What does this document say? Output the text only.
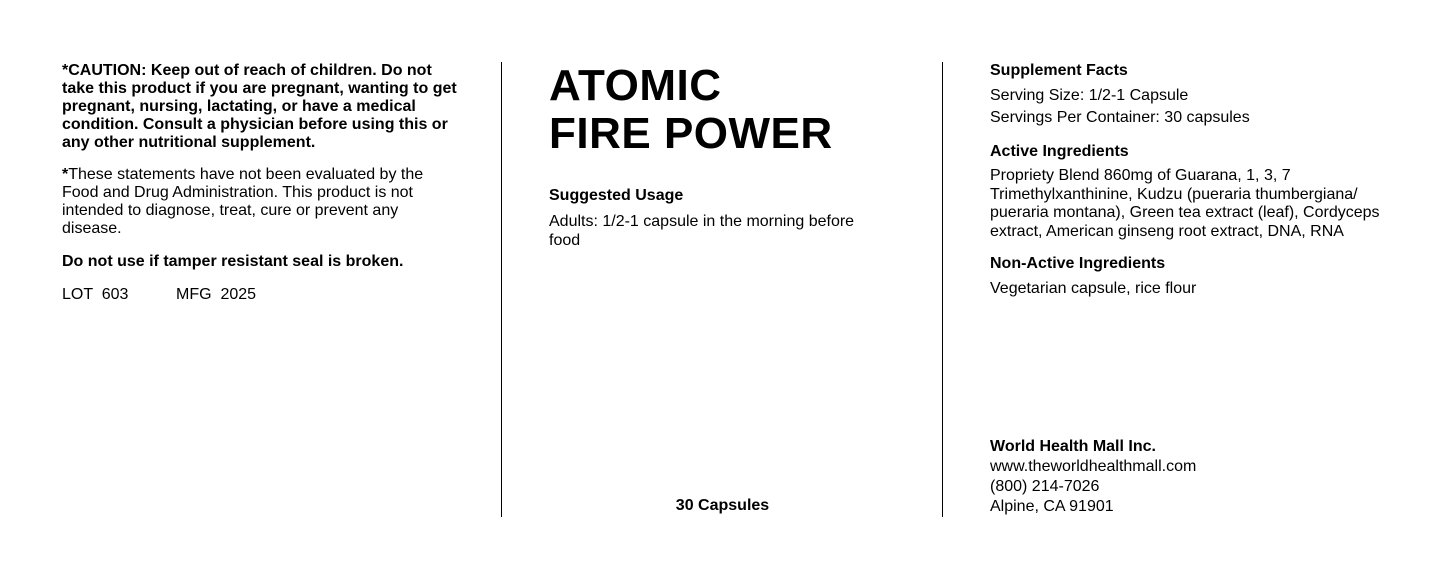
*CAUTION: Keep out of reach of children. Do not take this product if you are pregnant, wanting to get pregnant, nursing, lactating, or have a medical condition. Consult a physician before using this or any other nutritional supplement.

*These statements have not been evaluated by the Food and Drug Administration. This product is not intended to diagnose, treat, cure or prevent any disease.

Do not use if tamper resistant seal is broken.

LOT  603	MFG  2025
ATOMIC
FIRE POWER
Suggested Usage
Adults: 1/2-1 capsule in the morning before food
30 Capsules
Supplement Facts
Serving Size: 1/2-1 Capsule
Servings Per Container: 30 capsules
Active Ingredients
Propriety Blend 860mg of Guarana, 1, 3, 7 Trimethylxanthinine, Kudzu (pueraria thumbergiana/ pueraria montana), Green tea extract (leaf), Cordyceps extract, American ginseng root extract, DNA, RNA
Non-Active Ingredients
Vegetarian capsule, rice flour
World Health Mall Inc.
www.theworldhealthmall.com
(800) 214-7026
Alpine, CA 91901
